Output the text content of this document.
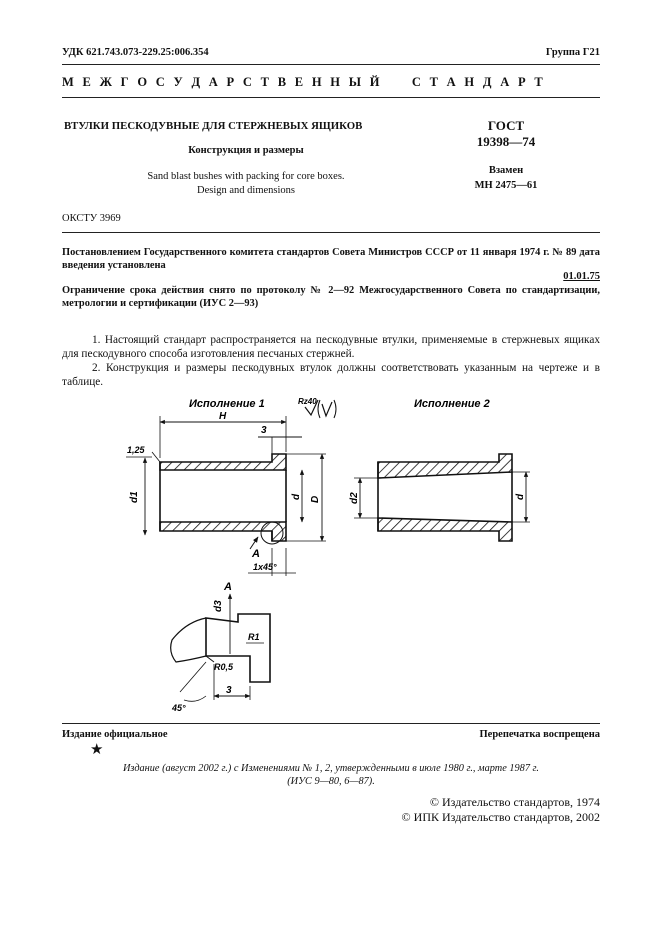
УДК 621.743.073-229.25:006.354	Группа Г21
М Е Ж Г О С У Д А Р С Т В Е Н Н Ы Й     С Т А Н Д А Р Т
ВТУЛКИ ПЕСКОДУВНЫЕ ДЛЯ СТЕРЖНЕВЫХ ЯЩИКОВ
Конструкция и размеры
Sand blast bushes with packing for core boxes.
Design and dimensions
ГОСТ
19398—74
Взамен
МН 2475—61
ОКСТУ 3969
Постановлением Государственного комитета стандартов Совета Министров СССР от 11 января 1974 г. № 89 дата введения установлена
01.01.75
Ограничение срока действия снято по протоколу № 2—92 Межгосударственного Совета по стандартизации, метрологии и сертификации (ИУС 2—93)
1. Настоящий стандарт распространяется на пескодувные втулки, применяемые в стержневых ящиках для пескодувного способа изготовления песчаных стержней.
2. Конструкция и размеры пескодувных втулок должны соответствовать указанным на чертеже и в таблице.
Исполнение 1	Rz40
H
3
1,25
d1	d D
A
1x45°
Исполнение 2
d2	d
A
d3
R1
R0,5
3
45°
Издание официальное	Перепечатка воспрещена
★
Издание (август 2002 г.) с Изменениями № 1, 2, утвержденными в июле 1980 г., марте 1987 г.
(ИУС 9—80, 6—87).
© Издательство стандартов, 1974
© ИПК Издательство стандартов, 2002
